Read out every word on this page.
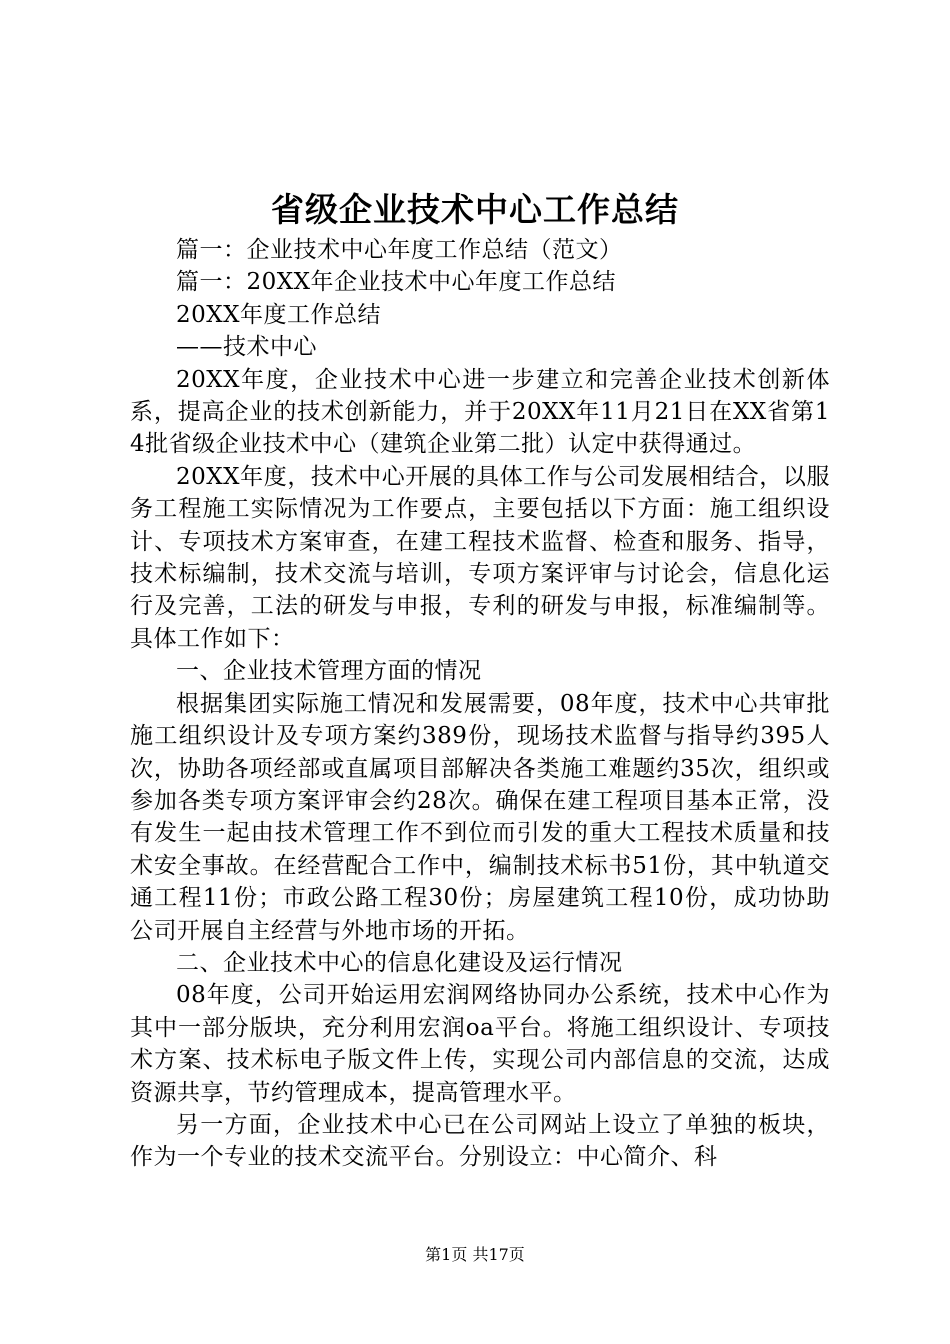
省级企业技术中心工作总结

篇一：企业技术中心年度工作总结（范文）

篇一：20XX年企业技术中心年度工作总结

20XX年度工作总结

——技术中心

20XX年度，企业技术中心进一步建立和完善企业技术创新体系，提高企业的技术创新能力，并于20XX年11月21日在XX省第14批省级企业技术中心（建筑企业第二批）认定中获得通过。

20XX年度，技术中心开展的具体工作与公司发展相结合，以服务工程施工实际情况为工作要点，主要包括以下方面：施工组织设计、专项技术方案审查，在建工程技术监督、检查和服务、指导，技术标编制，技术交流与培训，专项方案评审与讨论会，信息化运行及完善，工法的研发与申报，专利的研发与申报，标准编制等。具体工作如下：

一、企业技术管理方面的情况

根据集团实际施工情况和发展需要，08年度，技术中心共审批施工组织设计及专项方案约389份，现场技术监督与指导约395人次，协助各项经部或直属项目部解决各类施工难题约35次，组织或参加各类专项方案评审会约28次。确保在建工程项目基本正常，没有发生一起由技术管理工作不到位而引发的重大工程技术质量和技术安全事故。在经营配合工作中，编制技术标书51份，其中轨道交通工程11份；市政公路工程30份；房屋建筑工程10份，成功协助公司开展自主经营与外地市场的开拓。

二、企业技术中心的信息化建设及运行情况

08年度，公司开始运用宏润网络协同办公系统，技术中心作为其中一部分版块，充分利用宏润oa平台。将施工组织设计、专项技术方案、技术标电子版文件上传，实现公司内部信息的交流，达成资源共享，节约管理成本，提高管理水平。

另一方面，企业技术中心已在公司网站上设立了单独的板块，作为一个专业的技术交流平台。分别设立：中心简介、科

第1页 共17页
